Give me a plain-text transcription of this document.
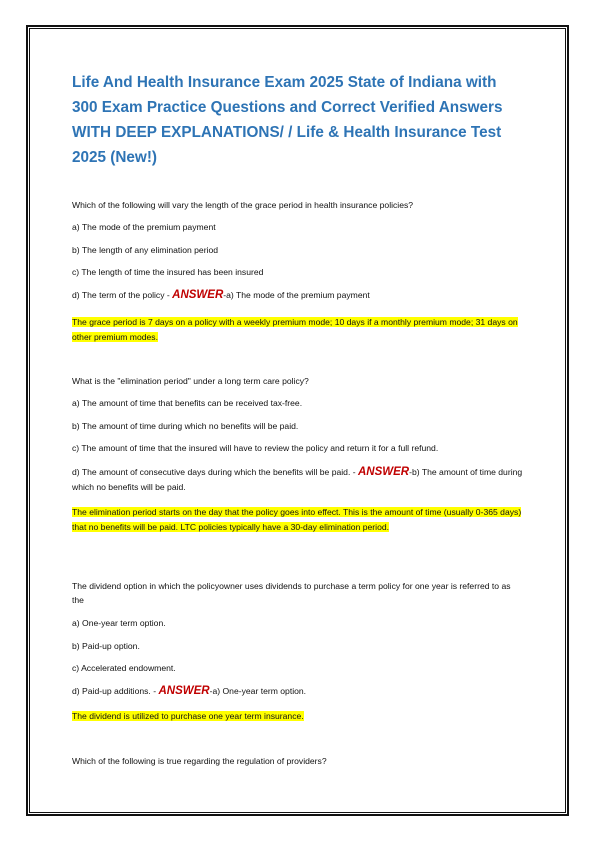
Life And Health Insurance Exam 2025 State of Indiana with 300 Exam Practice Questions and Correct Verified Answers WITH DEEP EXPLANATIONS/ / Life & Health Insurance Test 2025 (New!)

Which of the following will vary the length of the grace period in health insurance policies?

a) The mode of the premium payment

b) The length of any elimination period

c) The length of time the insured has been insured

d) The term of the policy - ANSWER-a) The mode of the premium payment

The grace period is 7 days on a policy with a weekly premium mode; 10 days if a monthly premium mode; 31 days on other premium modes.

What is the "elimination period" under a long term care policy?

a) The amount of time that benefits can be received tax-free.

b) The amount of time during which no benefits will be paid.

c) The amount of time that the insured will have to review the policy and return it for a full refund.

d) The amount of consecutive days during which the benefits will be paid. - ANSWER-b) The amount of time during which no benefits will be paid.

The elimination period starts on the day that the policy goes into effect. This is the amount of time (usually 0-365 days) that no benefits will be paid. LTC policies typically have a 30-day elimination period.

The dividend option in which the policyowner uses dividends to purchase a term policy for one year is referred to as the

a) One-year term option.

b) Paid-up option.

c) Accelerated endowment.

d) Paid-up additions. - ANSWER-a) One-year term option.

The dividend is utilized to purchase one year term insurance.

Which of the following is true regarding the regulation of providers?
